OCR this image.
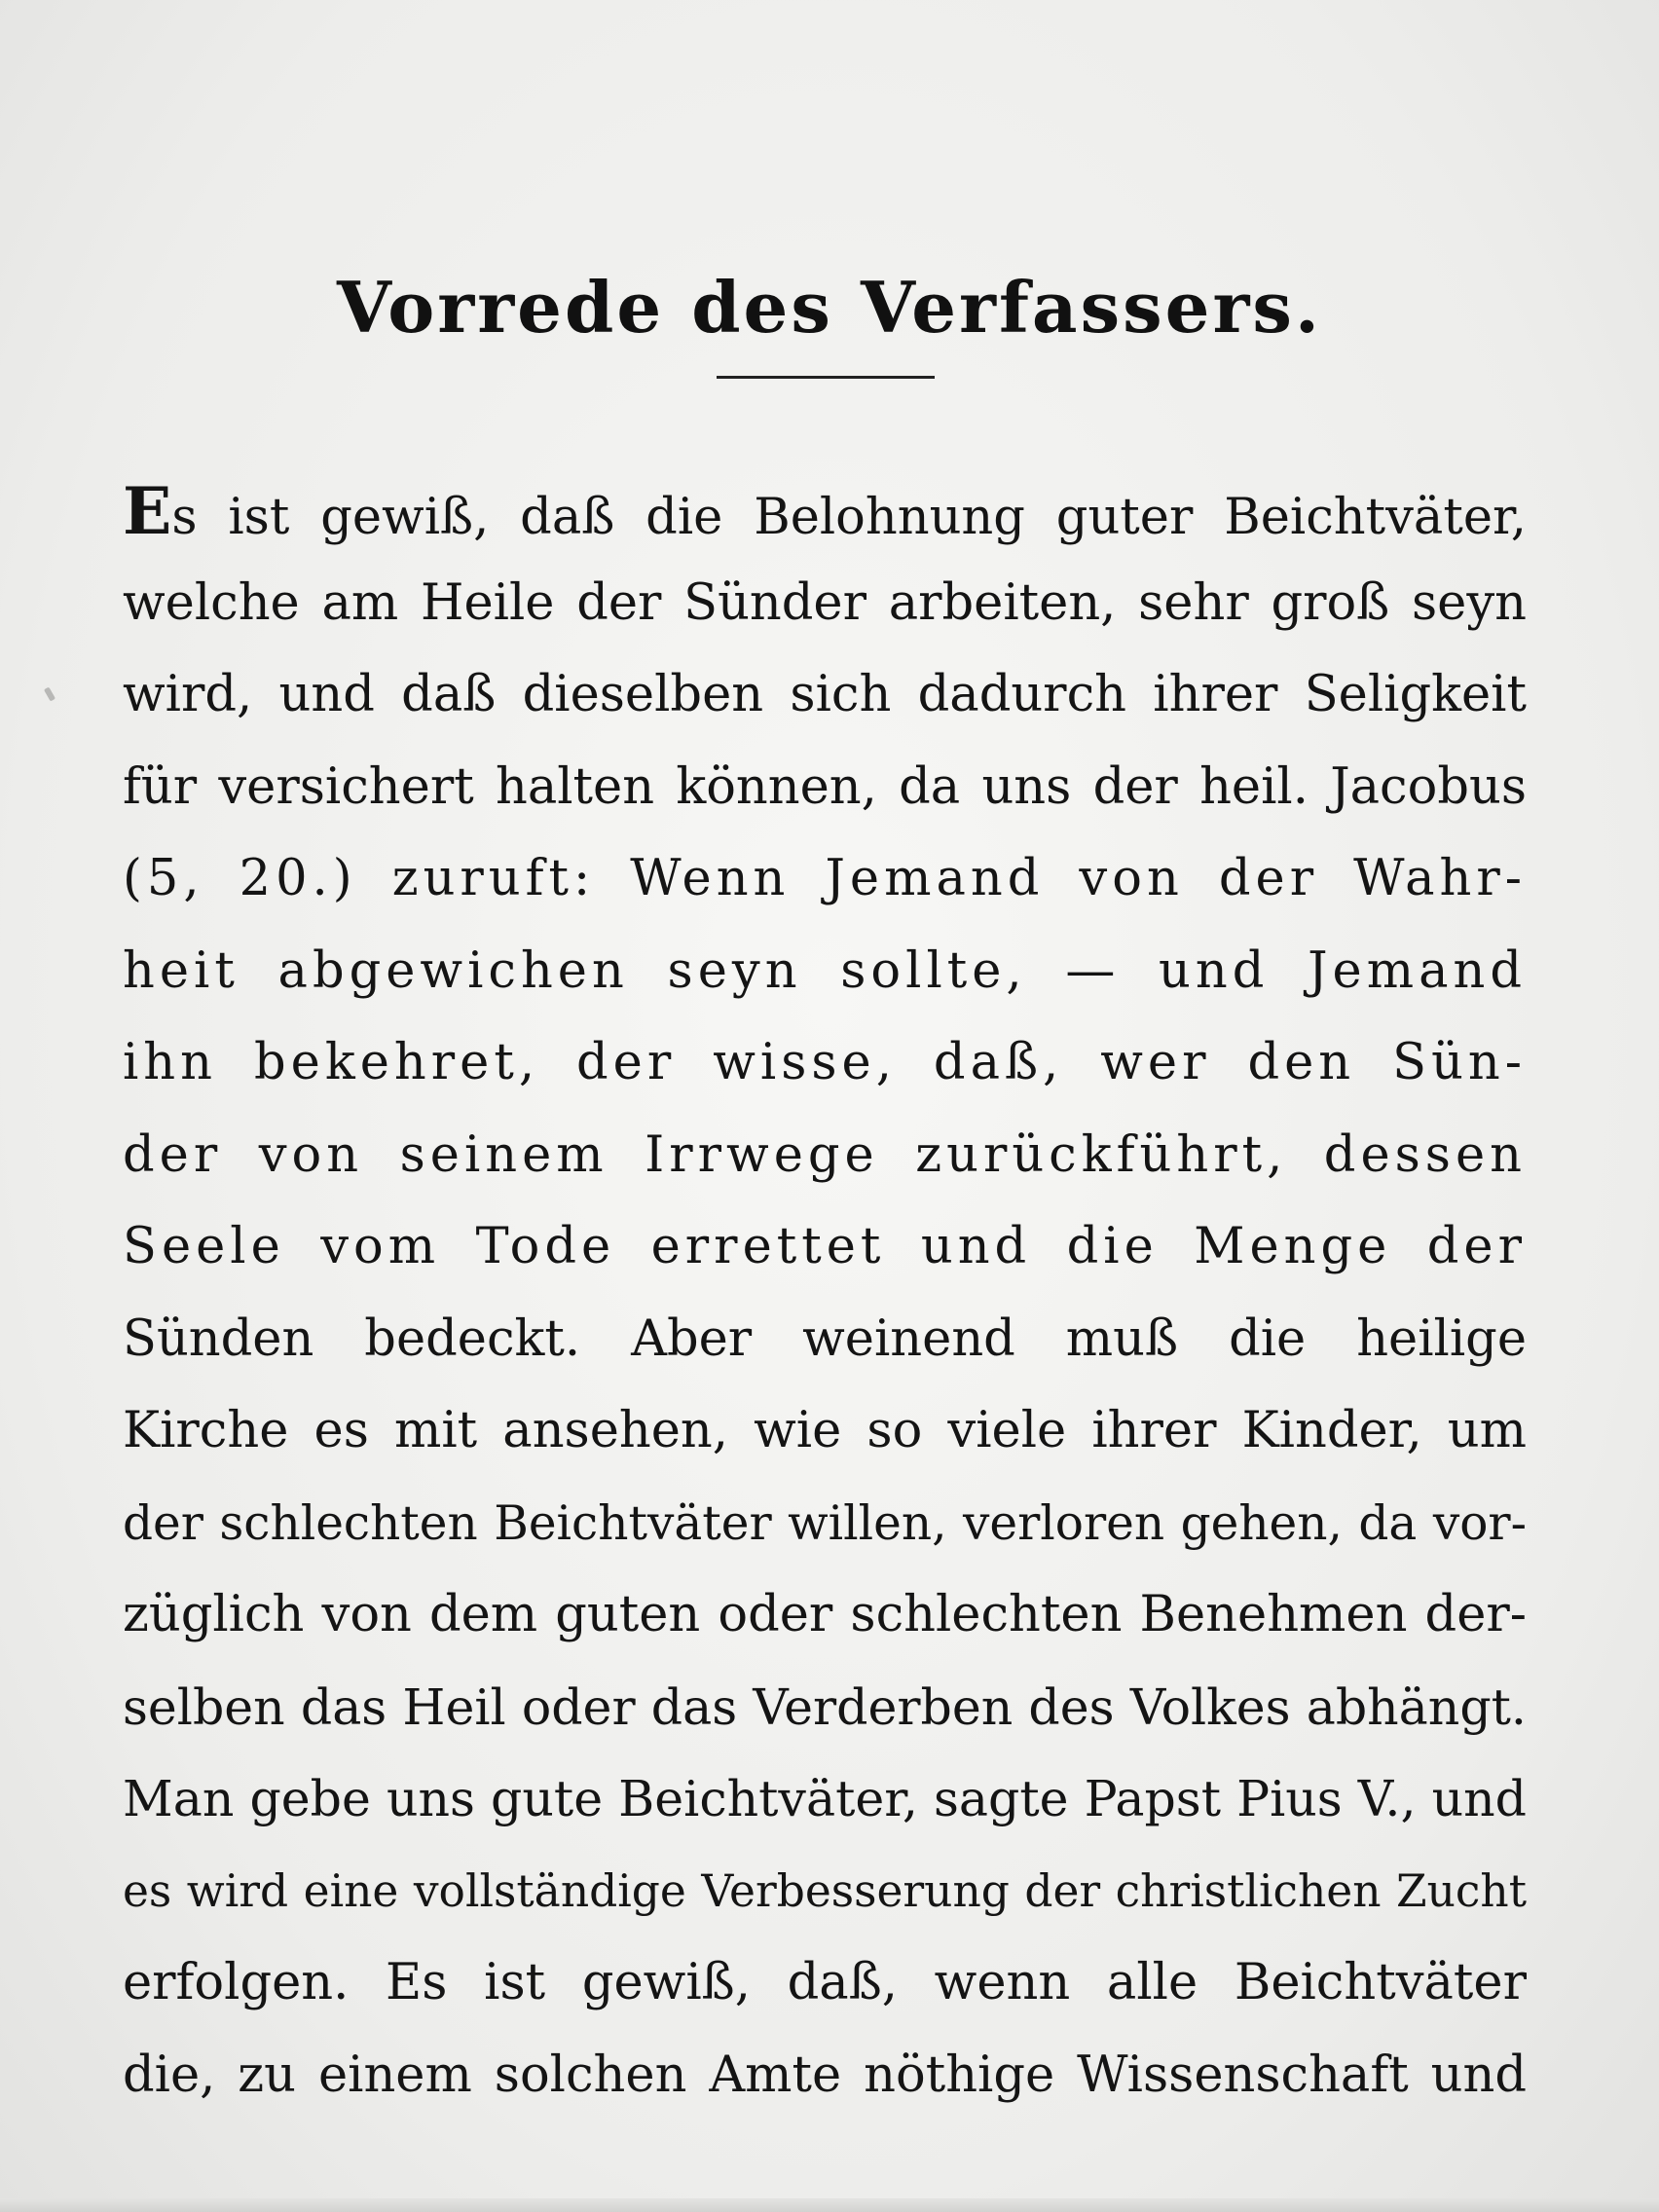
Vorrede des Verfassers.
Es ist gewiß, daß die Belohnung guter Beichtväter,
welche am Heile der Sünder arbeiten, sehr groß seyn
wird, und daß dieselben sich dadurch ihrer Seligkeit
für versichert halten können, da uns der heil. Jacobus
(5, 20.) zuruft: Wenn Jemand von der Wahr-
heit abgewichen seyn sollte, — und Jemand
ihn bekehret, der wisse, daß, wer den Sün-
der von seinem Irrwege zurückführt, dessen
Seele vom Tode errettet und die Menge der
Sünden bedeckt. Aber weinend muß die heilige
Kirche es mit ansehen, wie so viele ihrer Kinder, um
der schlechten Beichtväter willen, verloren gehen, da vor-
züglich von dem guten oder schlechten Benehmen der-
selben das Heil oder das Verderben des Volkes abhängt.
Man gebe uns gute Beichtväter, sagte Papst Pius V., und
es wird eine vollständige Verbesserung der christlichen Zucht
erfolgen. Es ist gewiß, daß, wenn alle Beichtväter
die, zu einem solchen Amte nöthige Wissenschaft und
